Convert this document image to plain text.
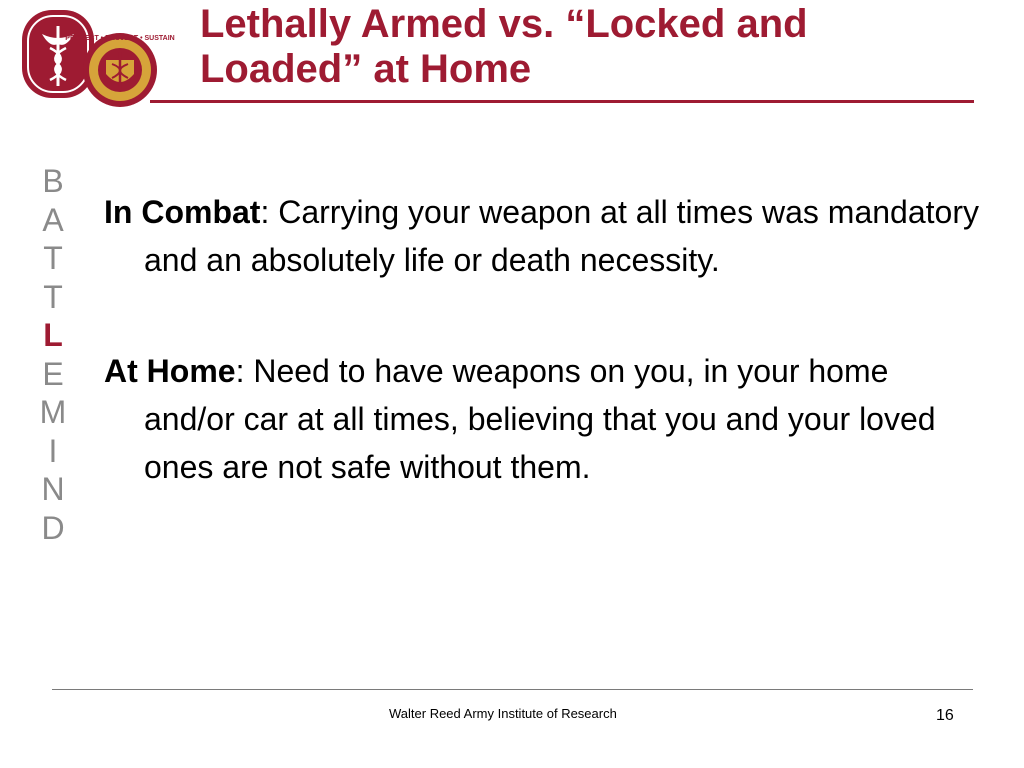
PROTECT • PROJECT • SUSTAIN Lethally Armed vs. “Locked and
Loaded” at Home
B
A
T
T
L
E
M
I
N
D

In Combat: Carrying your weapon at all times was mandatory and an absolutely life or death necessity.

At Home: Need to have weapons on you, in your home and/or car at all times, believing that you and your loved ones are not safe without them.

Walter Reed Army Institute of Research	16
